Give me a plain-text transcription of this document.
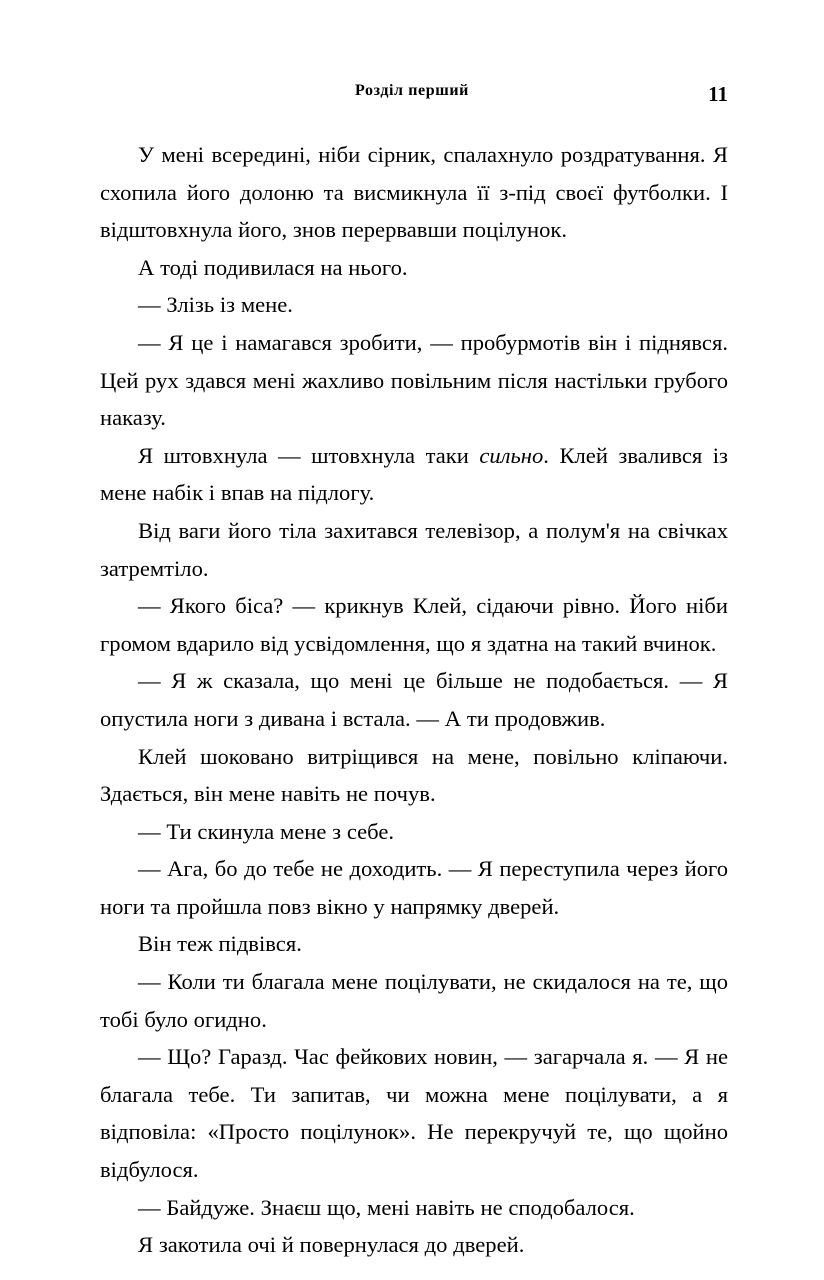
Розділ перший	11

У мені всередині, ніби сірник, спалахнуло роздратування. Я схопила його долоню та висмикнула її з-під своєї футболки. І відштовхнула його, знов перервавши поцілунок.

А тоді подивилася на нього.

— Злізь із мене.

— Я це і намагався зробити, — пробурмотів він і піднявся. Цей рух здався мені жахливо повільним після настільки грубого наказу.

Я штовхнула — штовхнула таки сильно. Клей звалився із мене набік і впав на підлогу.

Від ваги його тіла захитався телевізор, а полум'я на свічках затремтіло.

— Якого біса? — крикнув Клей, сідаючи рівно. Його ніби громом вдарило від усвідомлення, що я здатна на такий вчинок.

— Я ж сказала, що мені це більше не подобається. — Я опустила ноги з дивана і встала. — А ти продовжив.

Клей шоковано витріщився на мене, повільно кліпаючи. Здається, він мене навіть не почув.

— Ти скинула мене з себе.

— Ага, бо до тебе не доходить. — Я переступила через його ноги та пройшла повз вікно у напрямку дверей.

Він теж підвівся.

— Коли ти благала мене поцілувати, не скидалося на те, що тобі було огидно.

— Що? Гаразд. Час фейкових новин, — загарчала я. — Я не благала тебе. Ти запитав, чи можна мене поцілувати, а я відповіла: «Просто поцілунок». Не перекручуй те, що щойно відбулося.

— Байдуже. Знаєш що, мені навіть не сподобалося.

Я закотила очі й повернулася до дверей.
